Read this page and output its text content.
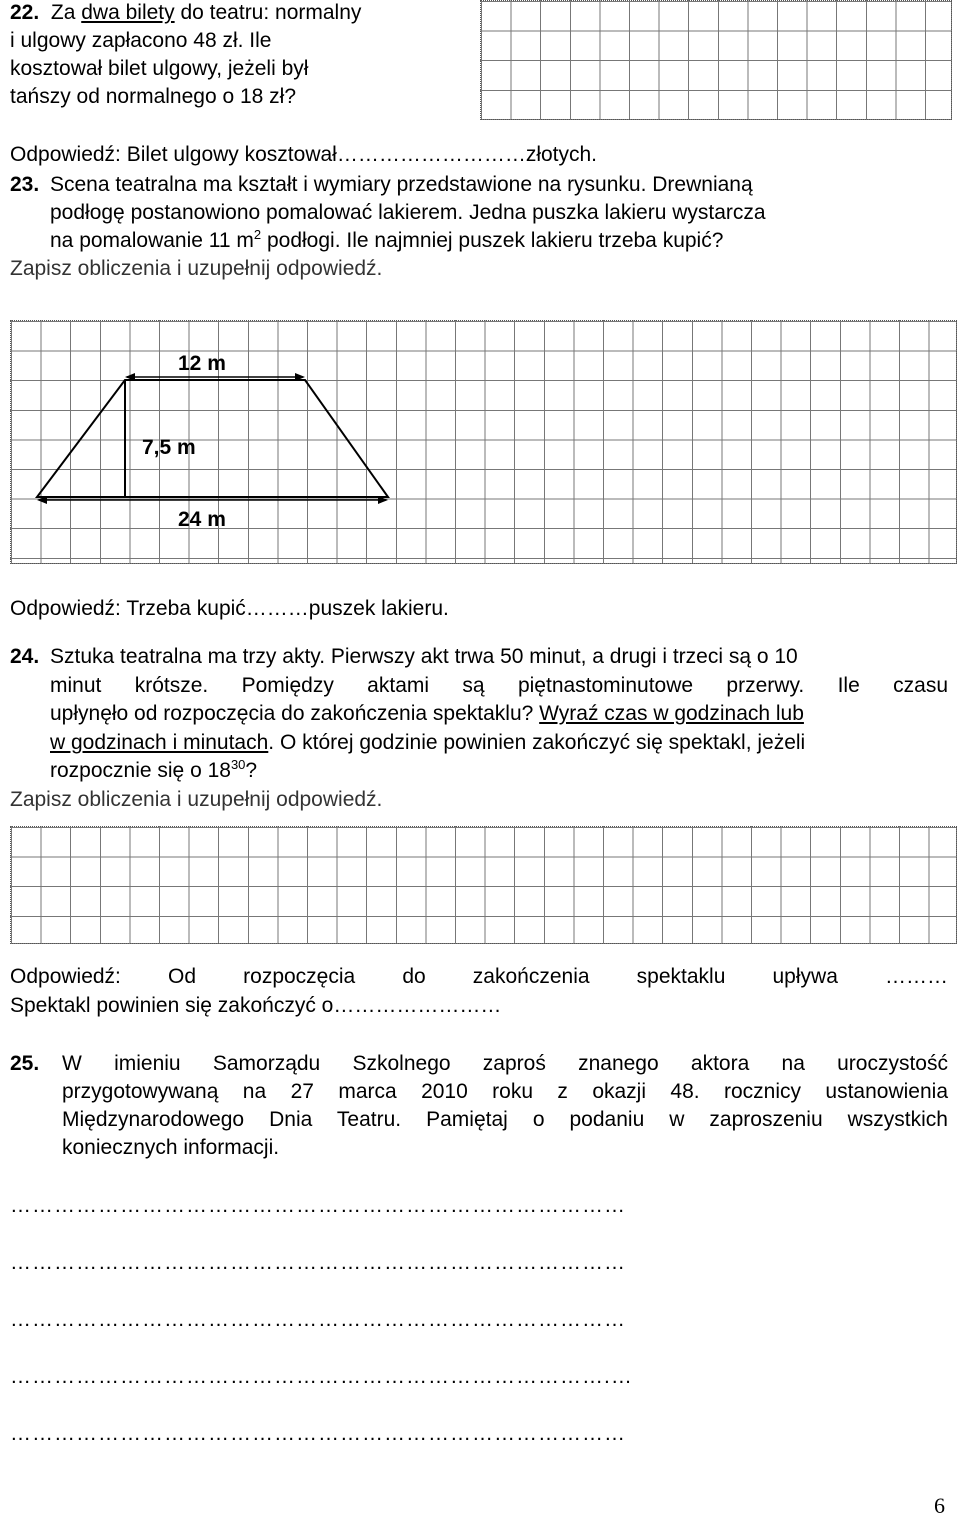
22. Za dwa bilety do teatru: normalny
i ulgowy zapłacono 48 zł. Ile
kosztował bilet ulgowy, jeżeli był
tańszy od normalnego o 18 zł?
Odpowiedź: Bilet ulgowy kosztował………………………złotych.
23. Scena teatralna ma kształt i wymiary przedstawione na rysunku. Drewnianą
podłogę postanowiono pomalować lakierem. Jedna puszka lakieru wystarcza
na pomalowanie 11 $m^2$ podłogi. Ile najmniej puszek lakieru trzeba kupić?
Zapisz obliczenia i uzupełnij odpowiedź.
12 m
7,5 m
24 m
Odpowiedź: Trzeba kupić………puszek lakieru.
24. Sztuka teatralna ma trzy akty. Pierwszy akt trwa 50 minut, a drugi i trzeci są o 10
minut krótsze. Pomiędzy aktami są piętnastominutowe przerwy. Ile czasu
upłynęło od rozpoczęcia do zakończenia spektaklu? Wyraź czas w godzinach lub
w godzinach i minutach. O której godzinie powinien zakończyć się spektakl, jeżeli
rozpocznie się o $18^{30}$?
Zapisz obliczenia i uzupełnij odpowiedź.
Odpowiedź: Od rozpoczęcia do zakończenia spektaklu upływa ………
Spektakl powinien się zakończyć o……………………
25. W imieniu Samorządu Szkolnego zaproś znanego aktora na uroczystość
przygotowywaną na 27 marca 2010 roku z okazji 48. rocznicy ustanowienia
Międzynarodowego Dnia Teatru. Pamiętaj o podaniu w zaproszeniu wszystkich
koniecznych informacji.
…………………………………………………………………………
…………………………………………………………………………
…………………………………………………………………………
……………………………………………………………………….…
…………………………………………………………………………
6
